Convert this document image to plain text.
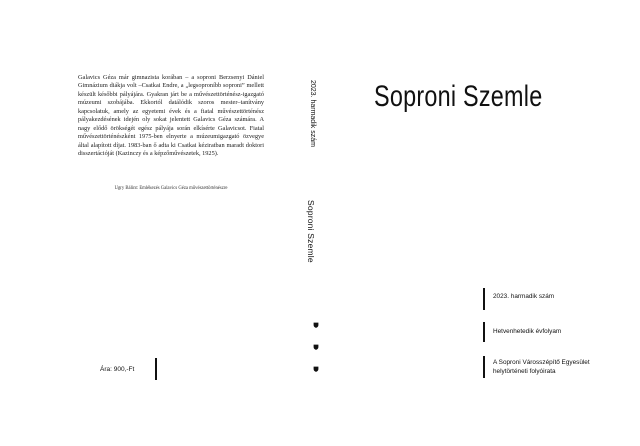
Galavics Géza már gimnazista korában – a soproni Berzsenyi Dániel Gimnázium diákja volt –Csatkai Endre, a „legsoproníbb soproni” mellett készült későbbi pályájára. Gyakran járt be a művészettörténész-igazgató múzeumi szobájába. Ekkortól datálódik szoros mester–tanítvány kapcsolatuk, amely az egyetemi évek és a fiatal művészettörténész pályakezdésének idején oly sokat jelentett Galavics Géza számára. A nagy elődő örökségét egész pályája során elkísérte Galavicsot. Fiatal művészettörténészként 1975-ben elnyerte a múzeumigazgató özvegye által alapított díjat. 1983-ban ő adta ki Csatkai kéziratban maradt doktori disszertációját (Kazinczy és a képzőművészetek, 1925).
Ugry Bálint: Emlékezés Galavics Géza művészettörténészre
Ára: 900,-Ft
2023. harmadik szám
Soproni Szemle
Soproni Szemle
2023. harmadik szám
Hetvenhetedik évfolyam
A Soproni Városszépítő Egyesület
helytörténeti folyóirata
